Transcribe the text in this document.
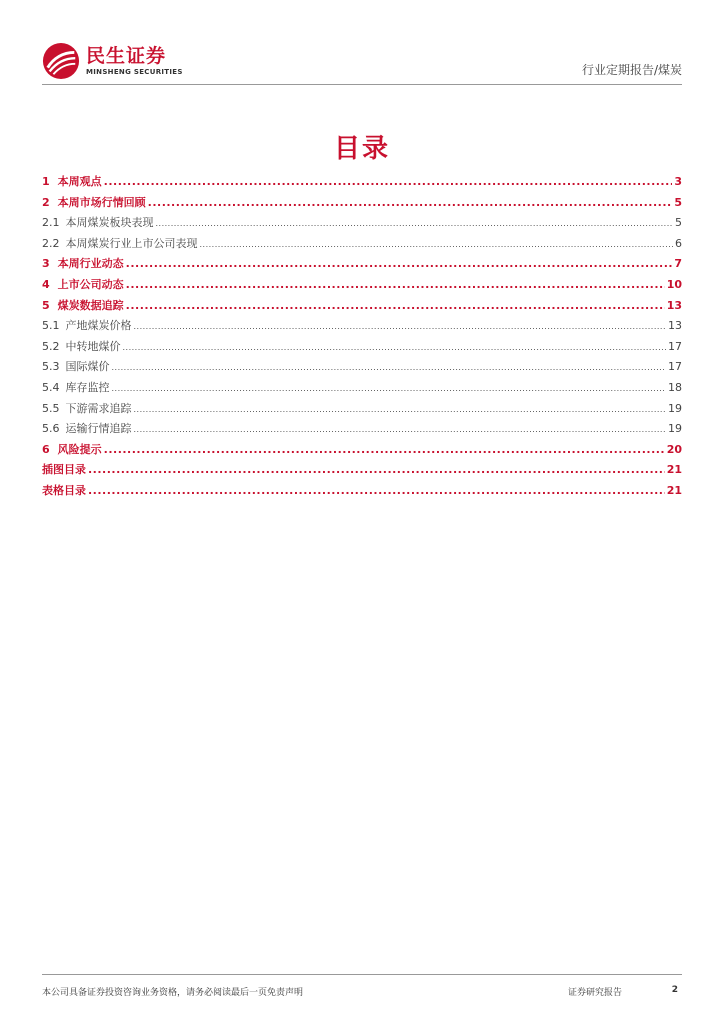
民生证券
MINSHENG SECURITIES	行业定期报告/煤炭
目录
1 本周观点 .....	3
2 本周市场行情回顾 .....	5
2.1 本周煤炭板块表现 .....	5
2.2 本周煤炭行业上市公司表现 .....	6
3 本周行业动态 .....	7
4 上市公司动态 .....	10
5 煤炭数据追踪 .....	13
5.1 产地煤炭价格 .....	13
5.2 中转地煤价 .....	17
5.3 国际煤价 .....	17
5.4 库存监控 .....	18
5.5 下游需求追踪 .....	19
5.6 运输行情追踪 .....	19
6 风险提示 .....	20
插图目录 .....	21
表格目录 .....	21
本公司具备证券投资咨询业务资格，请务必阅读最后一页免责声明	证券研究报告	2
